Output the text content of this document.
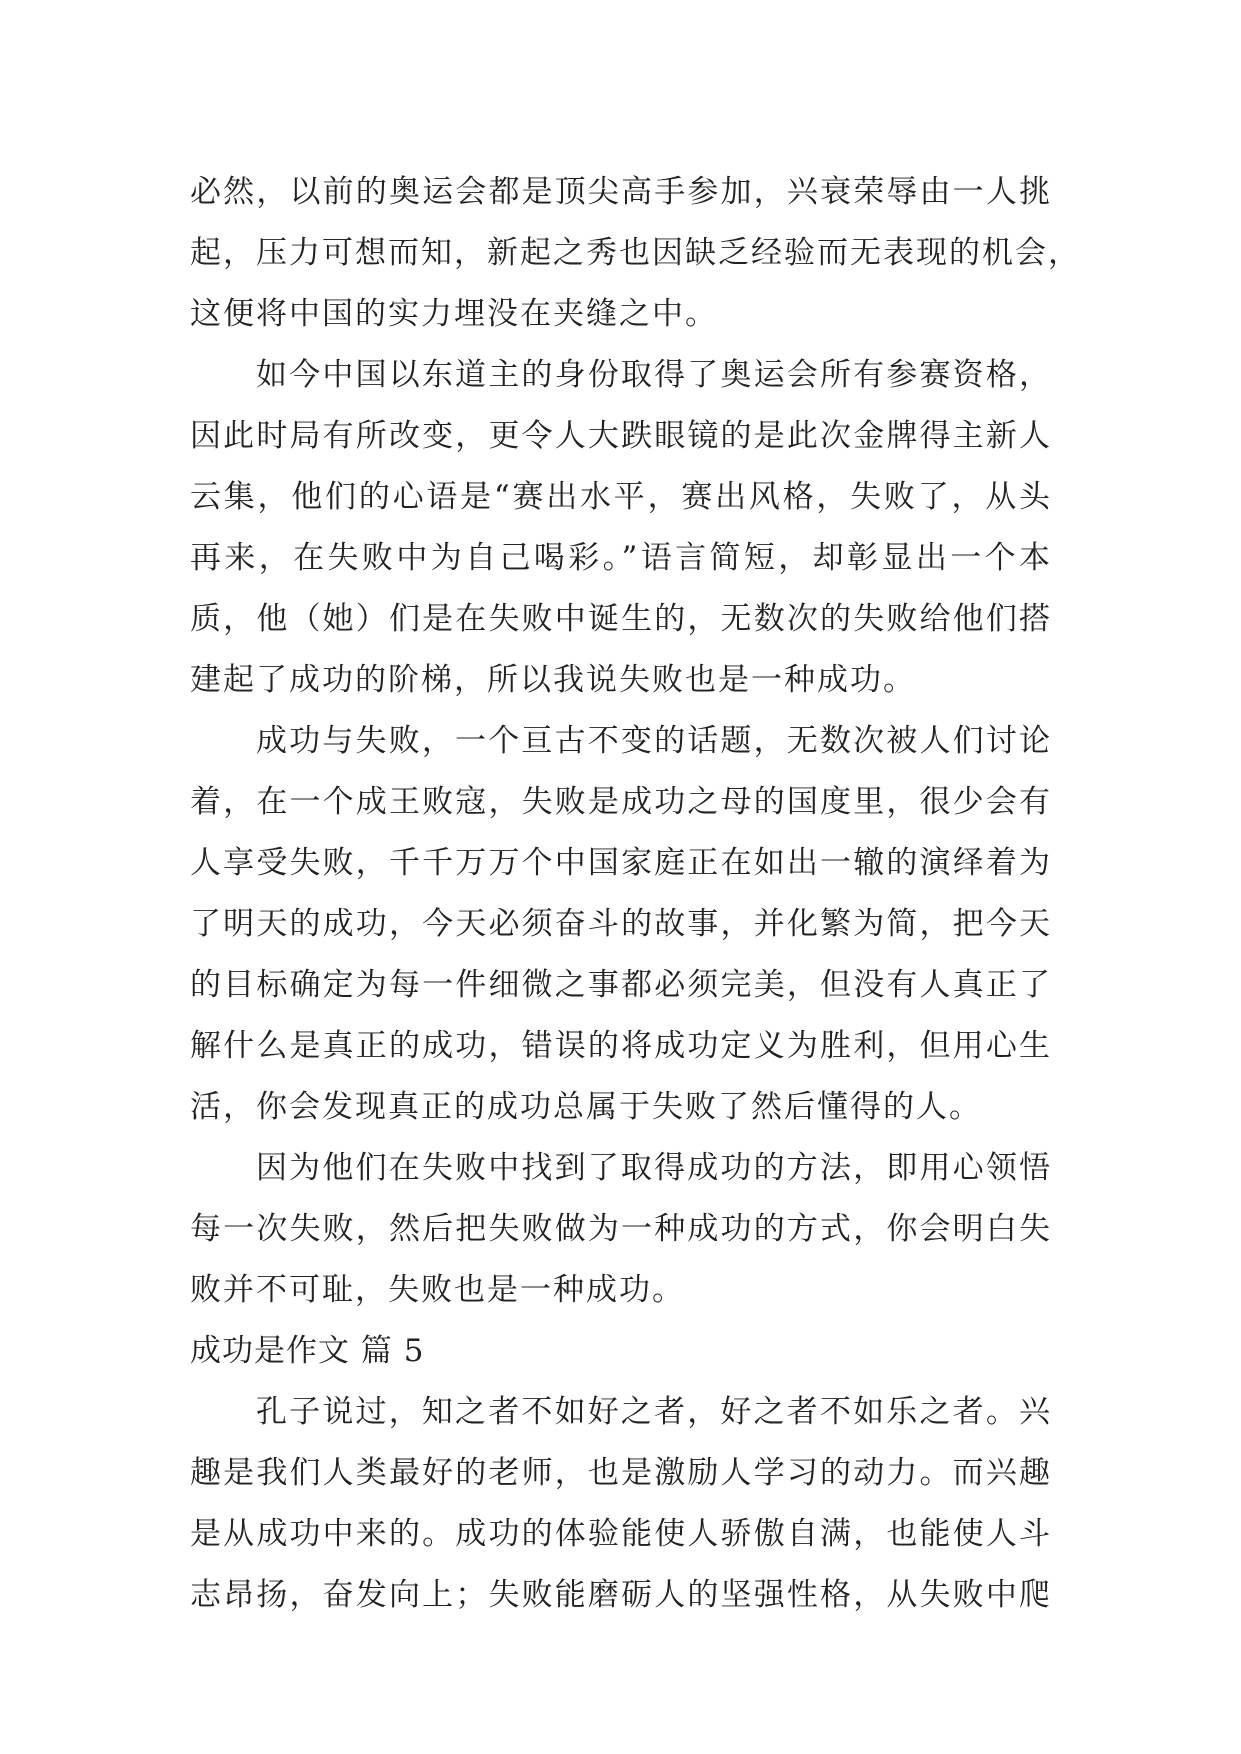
必然，以前的奥运会都是顶尖高手参加，兴衰荣辱由一人挑
起，压力可想而知，新起之秀也因缺乏经验而无表现的机会，
这便将中国的实力埋没在夹缝之中。
如今中国以东道主的身份取得了奥运会所有参赛资格，
因此时局有所改变，更令人大跌眼镜的是此次金牌得主新人
云集，他们的心语是“赛出水平，赛出风格，失败了，从头
再来，在失败中为自己喝彩。”语言简短，却彰显出一个本
质，他（她）们是在失败中诞生的，无数次的失败给他们搭
建起了成功的阶梯，所以我说失败也是一种成功。
成功与失败，一个亘古不变的话题，无数次被人们讨论
着，在一个成王败寇，失败是成功之母的国度里，很少会有
人享受失败，千千万万个中国家庭正在如出一辙的演绎着为
了明天的成功，今天必须奋斗的故事，并化繁为简，把今天
的目标确定为每一件细微之事都必须完美，但没有人真正了
解什么是真正的成功，错误的将成功定义为胜利，但用心生
活，你会发现真正的成功总属于失败了然后懂得的人。
因为他们在失败中找到了取得成功的方法，即用心领悟
每一次失败，然后把失败做为一种成功的方式，你会明白失
败并不可耻，失败也是一种成功。
成功是作文 篇 5
孔子说过，知之者不如好之者，好之者不如乐之者。兴
趣是我们人类最好的老师，也是激励人学习的动力。而兴趣
是从成功中来的。成功的体验能使人骄傲自满，也能使人斗
志昂扬，奋发向上；失败能磨砺人的坚强性格，从失败中爬
